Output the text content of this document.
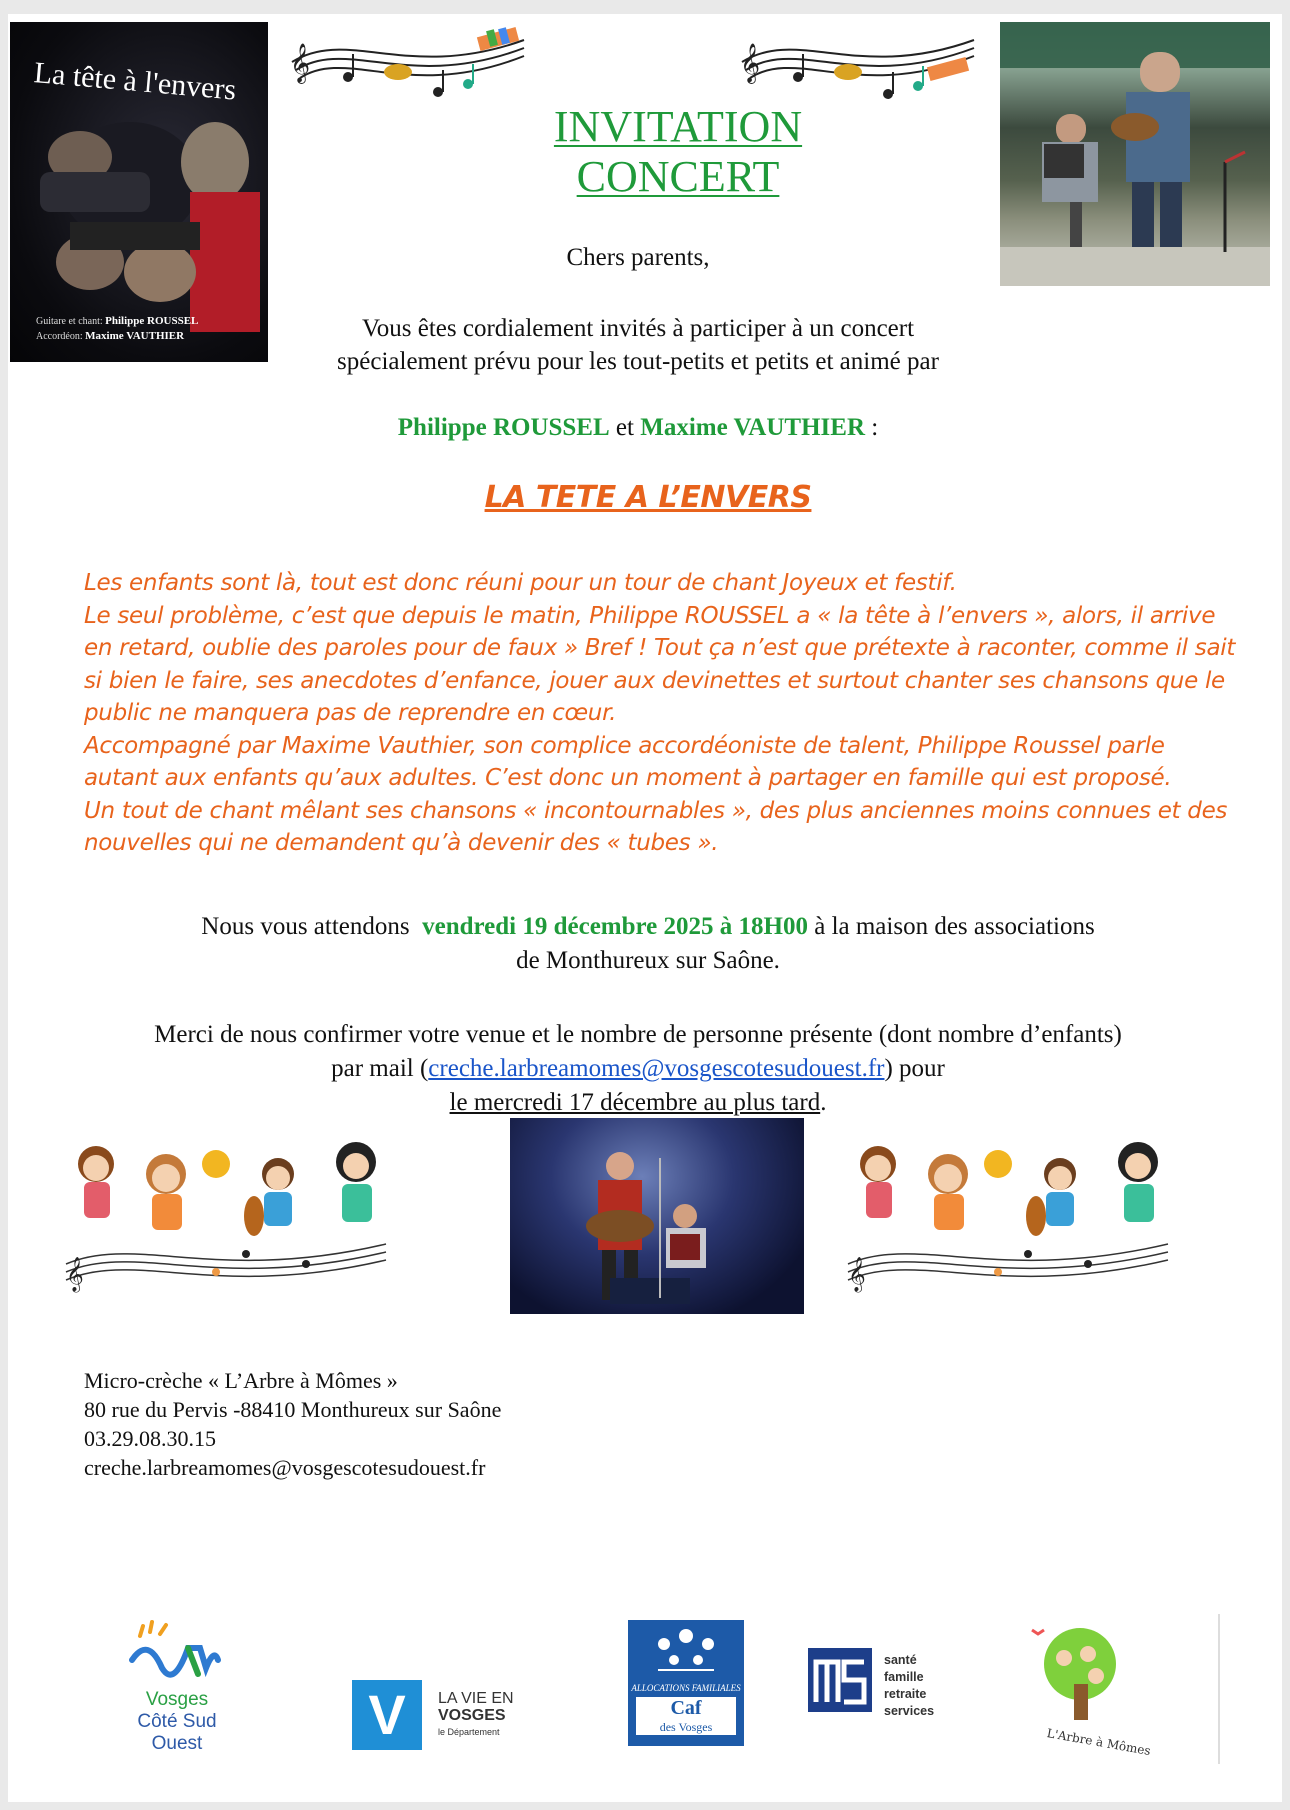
La tête à l'envers
Guitare et chant: Philippe ROUSSEL
Accordéon: Maxime VAUTHIER
𝄞	𝄞
INVITATION
CONCERT
Chers parents,
Vous êtes cordialement invités à participer à un concert
spécialement prévu pour les tout-petits et petits et animé par
Philippe ROUSSEL et Maxime VAUTHIER :
LA TETE A L’ENVERS
Les enfants sont là, tout est donc réuni pour un tour de chant Joyeux et festif.
Le seul problème, c’est que depuis le matin, Philippe ROUSSEL a « la tête à l’envers », alors, il arrive
en retard, oublie des paroles pour de faux » Bref ! Tout ça n’est que prétexte à raconter, comme il sait
si bien le faire, ses anecdotes d’enfance, jouer aux devinettes et surtout chanter ses chansons que le
public ne manquera pas de reprendre en cœur.
Accompagné par Maxime Vauthier, son complice accordéoniste de talent, Philippe Roussel parle
autant aux enfants qu’aux adultes. C’est donc un moment à partager en famille qui est proposé.
Un tout de chant mêlant ses chansons « incontournables », des plus anciennes moins connues et des
nouvelles qui ne demandent qu’à devenir des « tubes ».
Nous vous attendons vendredi 19 décembre 2025 à 18H00 à la maison des associations
de Monthureux sur Saône.
Merci de nous confirmer votre venue et le nombre de personne présente (dont nombre d’enfants)
par mail (creche.larbreamomes@vosgescotesudouest.fr) pour
le mercredi 17 décembre au plus tard.
𝄞	𝄞
Micro-crèche « L’Arbre à Mômes »
80 rue du Pervis -88410 Monthureux sur Saône
03.29.08.30.15
creche.larbreamomes@vosgescotesudouest.fr
Vosges
Côté Sud Ouest	V	LA VIE EN
VOSGES
le Département
ALLOCATIONS FAMILIALES
Caf
des Vosges
santé
famille
retraite
services
L'Arbre à Mômes
